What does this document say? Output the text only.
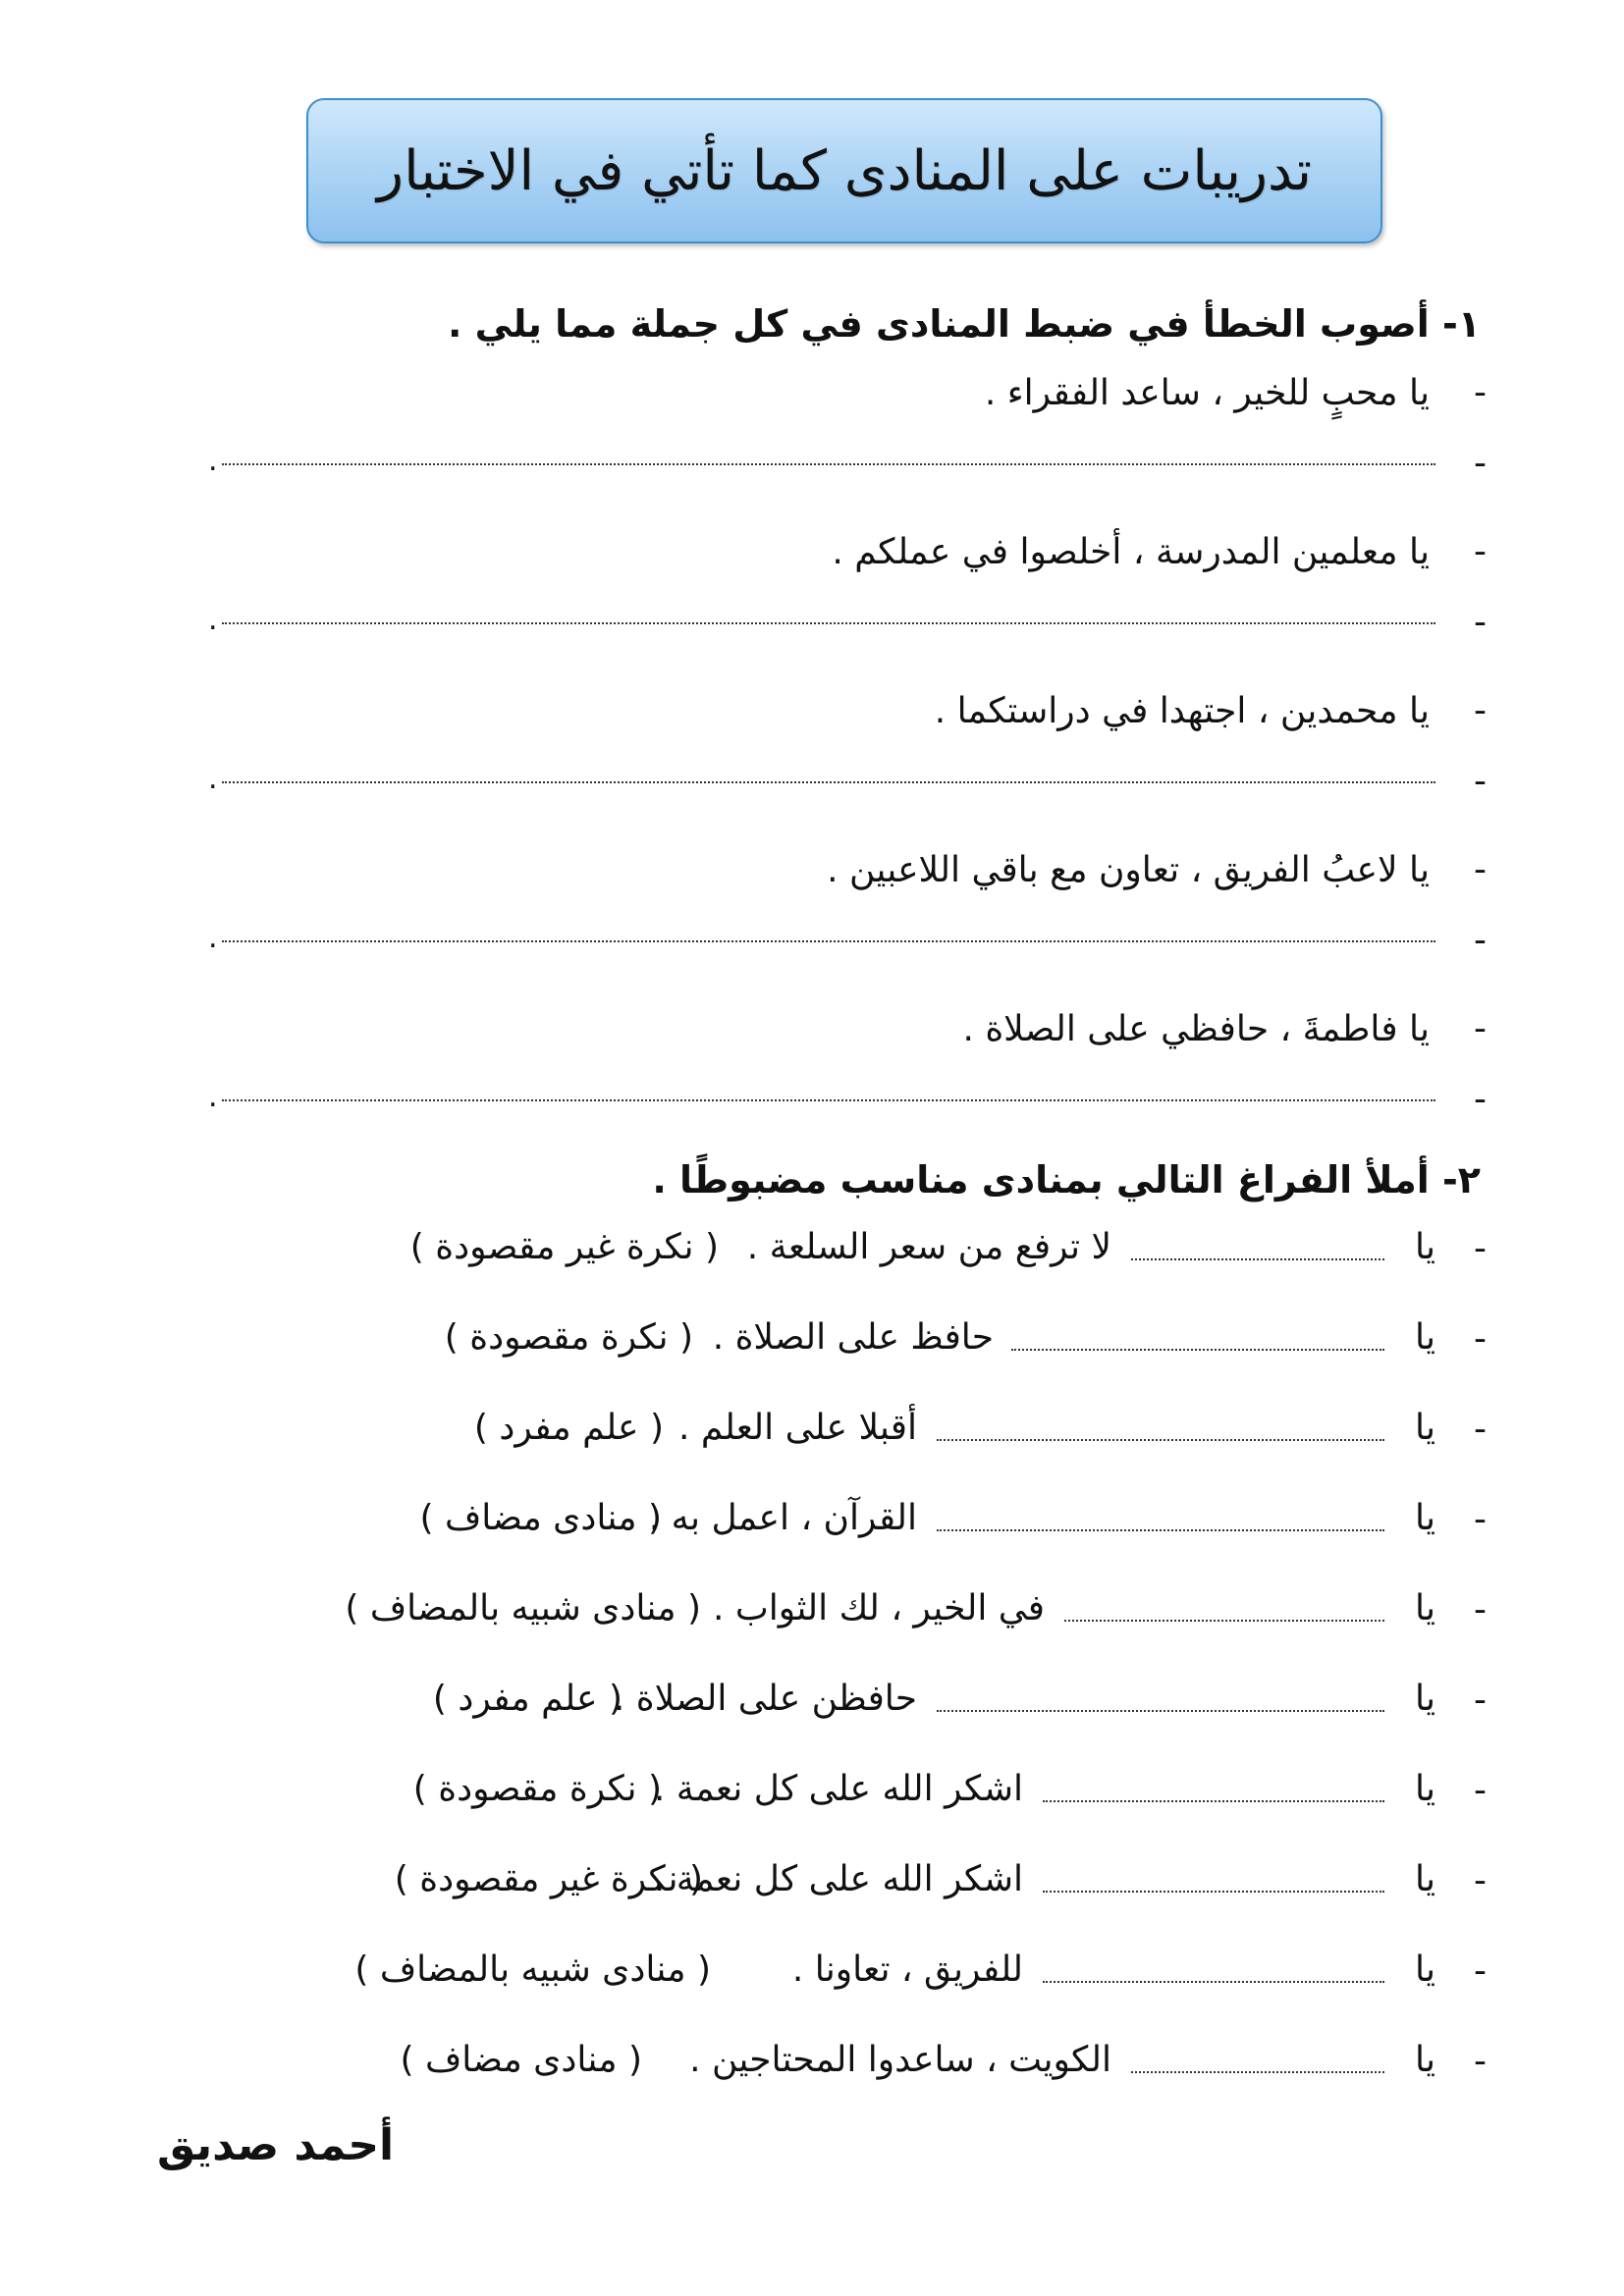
تدريبات على المنادى كما تأتي في الاختبار
١- أصوب الخطأ في ضبط المنادى في كل جملة مما يلي .
-
يا محبٍ للخير ، ساعد الفقراء .
-
.
-
يا معلمين المدرسة ، أخلصوا في عملكم .
-
.
-
يا محمدين ، اجتهدا في دراستكما .
-
.
-
يا لاعبُ الفريق ، تعاون مع باقي اللاعبين .
-
.
-
يا فاطمةَ ، حافظي على الصلاة .
-
.
٢- أملأ الفراغ التالي بمنادى مناسب مضبوطًا .
-
يا
لا ترفع من سعر السلعة .
( نكرة غير مقصودة )
-
يا
حافظ على الصلاة .
( نكرة مقصودة )
-
يا
أقبلا على العلم .
( علم مفرد )
-
يا
القرآن ، اعمل به .
( منادى مضاف )
-
يا
في الخير ، لك الثواب .
( منادى شبيه بالمضاف )
-
يا
حافظن على الصلاة .
( علم مفرد )
-
يا
اشكر الله على كل نعمة .
( نكرة مقصودة )
-
يا
اشكر الله على كل نعمة .
( نكرة غير مقصودة )
-
يا
للفريق ، تعاونا .
( منادى شبيه بالمضاف )
-
يا
الكويت ، ساعدوا المحتاجين .
( منادى مضاف )
أحمد صديق
